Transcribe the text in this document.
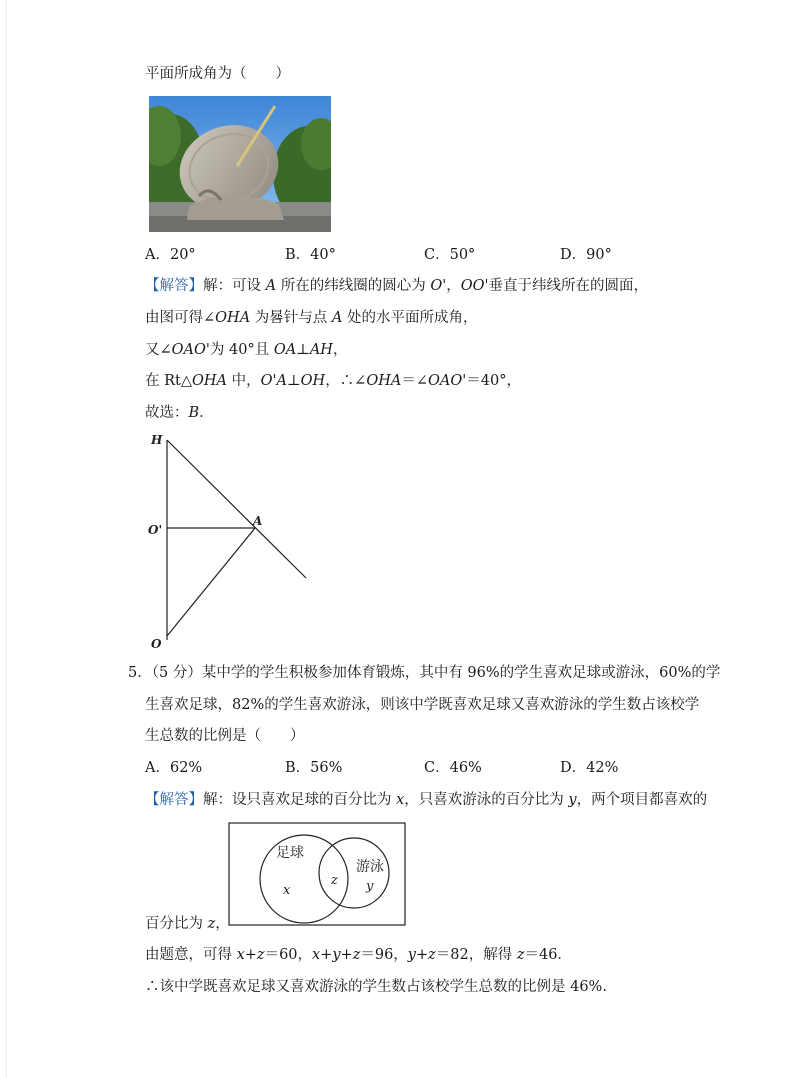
平面所成角为（　　）
A．20°	B．40°	C．50°	D．90°
【解答】解：可设 A 所在的纬线圈的圆心为 O'，OO'垂直于纬线所在的圆面，
由图可得∠OHA 为晷针与点 A 处的水平面所成角，
又∠OAO'为 40°且 OA⊥AH，
在 Rt△OHA 中，O'A⊥OH，∴∠OHA＝∠OAO'＝40°，
故选：B．
H
O'
A
O
5．（5 分）某中学的学生积极参加体育锻炼，其中有 96%的学生喜欢足球或游泳，60%的学
生喜欢足球，82%的学生喜欢游泳，则该中学既喜欢足球又喜欢游泳的学生数占该校学
生总数的比例是（　　）
A．62%	B．56%	C．46%	D．42%
【解答】解：设只喜欢足球的百分比为 x，只喜欢游泳的百分比为 y，两个项目都喜欢的
足球
游泳
x
z y
百分比为 z，
由题意，可得 x+z＝60，x+y+z＝96，y+z＝82，解得 z＝46．
∴该中学既喜欢足球又喜欢游泳的学生数占该校学生总数的比例是 46%.
